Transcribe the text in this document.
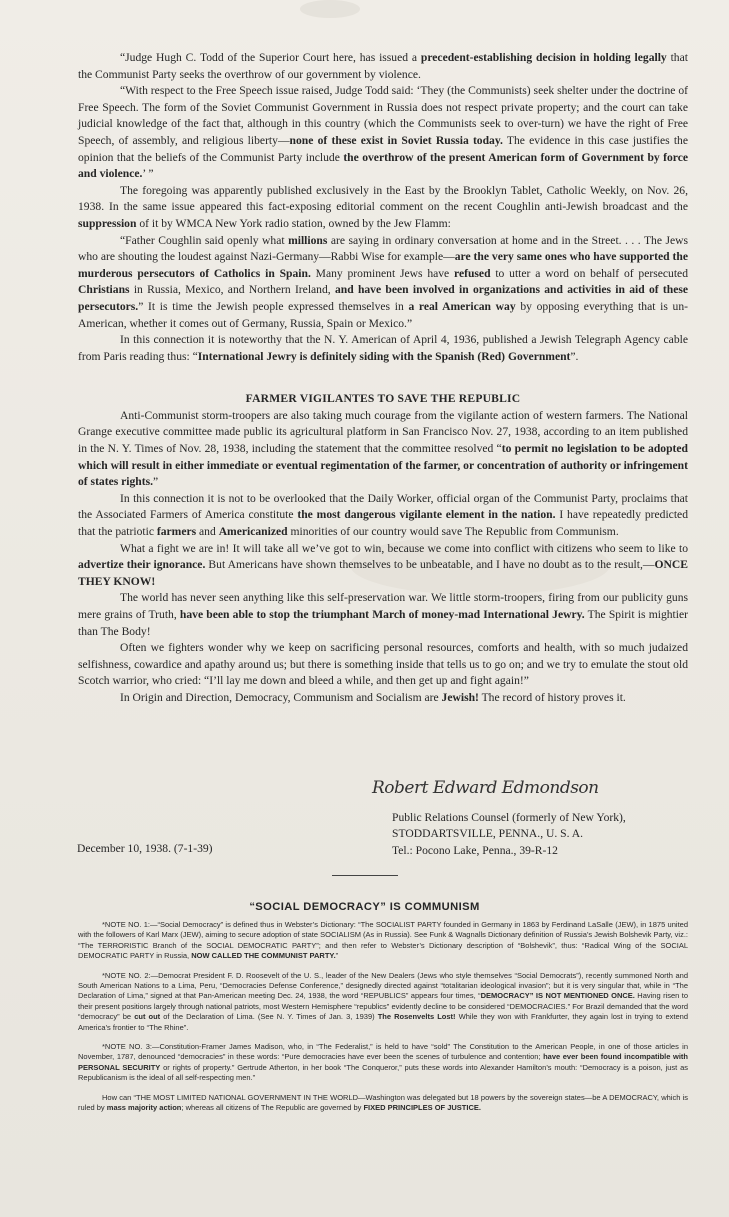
“Judge Hugh C. Todd of the Superior Court here, has issued a precedent-establishing decision in holding legally that the Communist Party seeks the overthrow of our government by violence.

“With respect to the Free Speech issue raised, Judge Todd said: ‘They (the Communists) seek shelter under the doctrine of Free Speech. The form of the Soviet Communist Government in Russia does not respect private property; and the court can take judicial knowledge of the fact that, although in this country (which the Communists seek to over-turn) we have the right of Free Speech, of assembly, and religious liberty—none of these exist in Soviet Russia today. The evidence in this case justifies the opinion that the beliefs of the Communist Party include the overthrow of the present American form of Government by force and violence.’ ”

The foregoing was apparently published exclusively in the East by the Brooklyn Tablet, Catholic Weekly, on Nov. 26, 1938. In the same issue appeared this fact-exposing editorial comment on the recent Coughlin anti-Jewish broadcast and the suppression of it by WMCA New York radio station, owned by the Jew Flamm:

“Father Coughlin said openly what millions are saying in ordinary conversation at home and in the Street. . . . The Jews who are shouting the loudest against Nazi-Germany—Rabbi Wise for example—are the very same ones who have supported the murderous persecutors of Catholics in Spain. Many prominent Jews have refused to utter a word on behalf of persecuted Christians in Russia, Mexico, and Northern Ireland, and have been involved in organizations and activities in aid of these persecutors.” It is time the Jewish people expressed themselves in a real American way by opposing everything that is un-American, whether it comes out of Germany, Russia, Spain or Mexico.”

In this connection it is noteworthy that the N. Y. American of April 4, 1936, published a Jewish Telegraph Agency cable from Paris reading thus: “International Jewry is definitely siding with the Spanish (Red) Government”.

FARMER VIGILANTES TO SAVE THE REPUBLIC

Anti-Communist storm-troopers are also taking much courage from the vigilante action of western farmers. The National Grange executive committee made public its agricultural platform in San Francisco Nov. 27, 1938, according to an item published in the N. Y. Times of Nov. 28, 1938, including the statement that the committee resolved “to permit no legislation to be adopted which will result in either immediate or eventual regimentation of the farmer, or concentration of authority or infringement of states rights.”

In this connection it is not to be overlooked that the Daily Worker, official organ of the Communist Party, proclaims that the Associated Farmers of America constitute the most dangerous vigilante element in the nation. I have repeatedly predicted that the patriotic farmers and Americanized minorities of our country would save The Republic from Communism.

What a fight we are in! It will take all we’ve got to win, because we come into conflict with citizens who seem to like to advertize their ignorance. But Americans have shown themselves to be unbeatable, and I have no doubt as to the result,—ONCE THEY KNOW!

The world has never seen anything like this self-preservation war. We little storm-troopers, firing from our publicity guns mere grains of Truth, have been able to stop the triumphant March of money-mad International Jewry. The Spirit is mightier than The Body!

Often we fighters wonder why we keep on sacrificing personal resources, comforts and health, with so much judaized selfishness, cowardice and apathy around us; but there is something inside that tells us to go on; and we try to emulate the stout old Scotch warrior, who cried: “I’ll lay me down and bleed a while, and then get up and fight again!”

In Origin and Direction, Democracy, Communism and Socialism are Jewish! The record of history proves it.

Robert Edward Edmondson
Public Relations Counsel (formerly of New York),
STODDARTSVILLE, PENNA., U. S. A.
Tel.: Pocono Lake, Penna., 39-R-12
December 10, 1938. (7-1-39)
“SOCIAL DEMOCRACY” IS COMMUNISM

*NOTE NO. 1:—“Social Democracy” is defined thus in Webster’s Dictionary: “The SOCIALIST PARTY founded in Germany in 1863 by Ferdinand LaSalle (JEW), in 1875 united with the followers of Karl Marx (JEW), aiming to secure adoption of state SOCIALISM (As in Russia). See Funk & Wagnalls Dictionary definition of Russia’s Jewish Bolshevik Party, viz.: “The TERRORISTIC Branch of the SOCIAL DEMOCRATIC PARTY”; and then refer to Webster’s Dictionary description of “Bolshevik”, thus: “Radical Wing of the SOCIAL DEMOCRATIC PARTY in Russia, NOW CALLED THE COMMUNIST PARTY.”

*NOTE NO. 2:—Democrat President F. D. Roosevelt of the U. S., leader of the New Dealers (Jews who style themselves “Social Democrats”), recently summoned North and South American Nations to a Lima, Peru, “Democracies Defense Conference,” designedly directed against “totalitarian ideological invasion”; but it is very singular that, while in “The Declaration of Lima,” signed at that Pan-American meeting Dec. 24, 1938, the word “REPUBLICS” appears four times, “DEMOCRACY” IS NOT MENTIONED ONCE. Having risen to their present positions largely through national patriots, most Western Hemisphere “republics” evidently decline to be considered “DEMOCRACIES.” For Brazil demanded that the word “democracy” be cut out of the Declaration of Lima. (See N. Y. Times of Jan. 3, 1939) The Rosenvelts Lost! While they won with Frankfurter, they again lost in trying to extend America’s frontier to “The Rhine”.

*NOTE NO. 3:—Constitution-Framer James Madison, who, in “The Federalist,” is held to have “sold” The Constitution to the American People, in one of those articles in November, 1787, denounced “democracies” in these words: “Pure democracies have ever been the scenes of turbulence and contention; have ever been found incompatible with PERSONAL SECURITY or rights of property.” Gertrude Atherton, in her book “The Conqueror,” puts these words into Alexander Hamilton’s mouth: “Democracy is a poison, just as Republicanism is the ideal of all self-respecting men.”

How can “THE MOST LIMITED NATIONAL GOVERNMENT IN THE WORLD—Washington was delegated but 18 powers by the sovereign states—be A DEMOCRACY, which is ruled by mass majority action; whereas all citizens of The Republic are governed by FIXED PRINCIPLES OF JUSTICE.
